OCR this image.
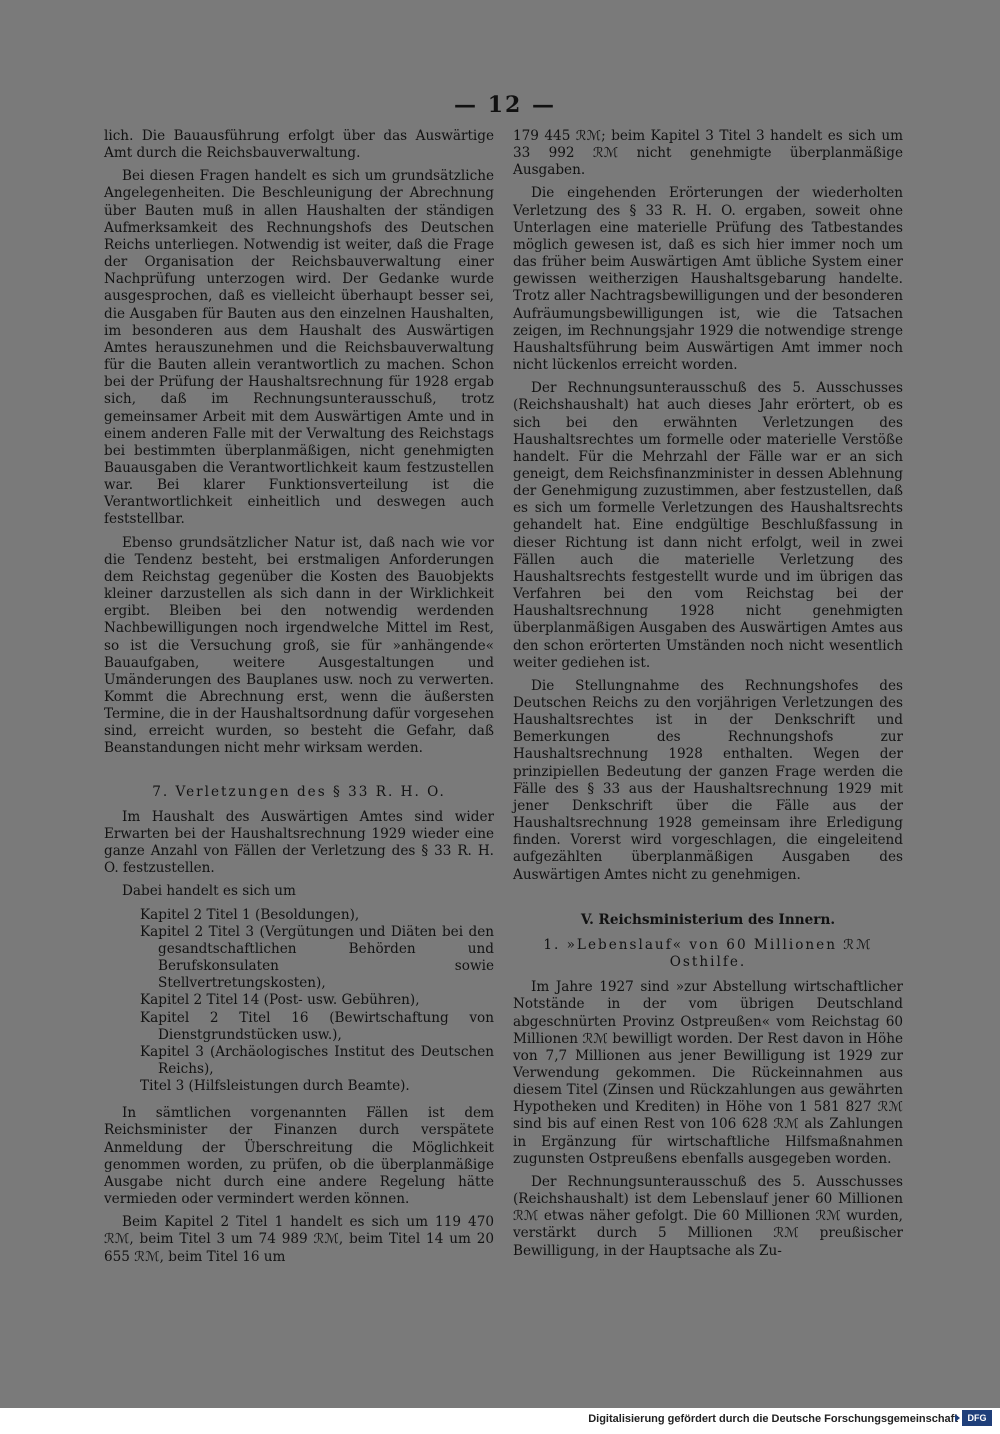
— 12 —

lich. Die Bauausführung erfolgt über das Auswärtige Amt durch die Reichsbauverwaltung.

Bei diesen Fragen handelt es sich um grundsätzliche Angelegenheiten. Die Beschleunigung der Abrechnung über Bauten muß in allen Haushalten der ständigen Aufmerksamkeit des Rechnungshofs des Deutschen Reichs unterliegen. Notwendig ist weiter, daß die Frage der Organisation der Reichsbauverwaltung einer Nachprüfung unterzogen wird. Der Gedanke wurde ausgesprochen, daß es vielleicht überhaupt besser sei, die Ausgaben für Bauten aus den einzelnen Haushalten, im besonderen aus dem Haushalt des Auswärtigen Amtes herauszunehmen und die Reichsbauverwaltung für die Bauten allein verantwortlich zu machen. Schon bei der Prüfung der Haushaltsrechnung für 1928 ergab sich, daß im Rechnungsunterausschuß, trotz gemeinsamer Arbeit mit dem Auswärtigen Amte und in einem anderen Falle mit der Verwaltung des Reichstags bei bestimmten überplanmäßigen, nicht genehmigten Bauausgaben die Verantwortlichkeit kaum festzustellen war. Bei klarer Funktionsverteilung ist die Verantwortlichkeit einheitlich und deswegen auch feststellbar.

Ebenso grundsätzlicher Natur ist, daß nach wie vor die Tendenz besteht, bei erstmaligen Anforderungen dem Reichstag gegenüber die Kosten des Bauobjekts kleiner darzustellen als sich dann in der Wirklichkeit ergibt. Bleiben bei den notwendig werdenden Nachbewilligungen noch irgendwelche Mittel im Rest, so ist die Versuchung groß, sie für »anhängende« Bauaufgaben, weitere Ausgestaltungen und Umänderungen des Bauplanes usw. noch zu verwerten. Kommt die Abrechnung erst, wenn die äußersten Termine, die in der Haushaltsordnung dafür vorgesehen sind, erreicht wurden, so besteht die Gefahr, daß Beanstandungen nicht mehr wirksam werden.

7. Verletzungen des § 33 R. H. O.

Im Haushalt des Auswärtigen Amtes sind wider Erwarten bei der Haushaltsrechnung 1929 wieder eine ganze Anzahl von Fällen der Verletzung des § 33 R. H. O. festzustellen.

Dabei handelt es sich um

Kapitel 2 Titel 1 (Besoldungen),
Kapitel 2 Titel 3 (Vergütungen und Diäten bei den gesandtschaftlichen Behörden und Berufskonsulaten sowie Stellvertretungskosten),
Kapitel 2 Titel 14 (Post- usw. Gebühren),
Kapitel 2 Titel 16 (Bewirtschaftung von Dienstgrundstücken usw.),
Kapitel 3 (Archäologisches Institut des Deutschen Reichs),
Titel 3 (Hilfsleistungen durch Beamte).

In sämtlichen vorgenannten Fällen ist dem Reichsminister der Finanzen durch verspätete Anmeldung der Überschreitung die Möglichkeit genommen worden, zu prüfen, ob die überplanmäßige Ausgabe nicht durch eine andere Regelung hätte vermieden oder vermindert werden können.

Beim Kapitel 2 Titel 1 handelt es sich um 119 470 ℛℳ, beim Titel 3 um 74 989 ℛℳ, beim Titel 14 um 20 655 ℛℳ, beim Titel 16 um

179 445 ℛℳ; beim Kapitel 3 Titel 3 handelt es sich um 33 992 ℛℳ nicht genehmigte überplanmäßige Ausgaben.

Die eingehenden Erörterungen der wiederholten Verletzung des § 33 R. H. O. ergaben, soweit ohne Unterlagen eine materielle Prüfung des Tatbestandes möglich gewesen ist, daß es sich hier immer noch um das früher beim Auswärtigen Amt übliche System einer gewissen weitherzigen Haushaltsgebarung handelte. Trotz aller Nachtragsbewilligungen und der besonderen Aufräumungsbewilligungen ist, wie die Tatsachen zeigen, im Rechnungsjahr 1929 die notwendige strenge Haushaltsführung beim Auswärtigen Amt immer noch nicht lückenlos erreicht worden.

Der Rechnungsunterausschuß des 5. Ausschusses (Reichshaushalt) hat auch dieses Jahr erörtert, ob es sich bei den erwähnten Verletzungen des Haushaltsrechtes um formelle oder materielle Verstöße handelt. Für die Mehrzahl der Fälle war er an sich geneigt, dem Reichsfinanzminister in dessen Ablehnung der Genehmigung zuzustimmen, aber festzustellen, daß es sich um formelle Verletzungen des Haushaltsrechts gehandelt hat. Eine endgültige Beschlußfassung in dieser Richtung ist dann nicht erfolgt, weil in zwei Fällen auch die materielle Verletzung des Haushaltsrechts festgestellt wurde und im übrigen das Verfahren bei den vom Reichstag bei der Haushaltsrechnung 1928 nicht genehmigten überplanmäßigen Ausgaben des Auswärtigen Amtes aus den schon erörterten Umständen noch nicht wesentlich weiter gediehen ist.

Die Stellungnahme des Rechnungshofes des Deutschen Reichs zu den vorjährigen Verletzungen des Haushaltsrechtes ist in der Denkschrift und Bemerkungen des Rechnungshofs zur Haushaltsrechnung 1928 enthalten. Wegen der prinzipiellen Bedeutung der ganzen Frage werden die Fälle des § 33 aus der Haushaltsrechnung 1929 mit jener Denkschrift über die Fälle aus der Haushaltsrechnung 1928 gemeinsam ihre Erledigung finden. Vorerst wird vorgeschlagen, die eingeleitend aufgezählten überplanmäßigen Ausgaben des Auswärtigen Amtes nicht zu genehmigen.

V. Reichsministerium des Innern.
1. »Lebenslauf« von 60 Millionen ℛℳ Osthilfe.

Im Jahre 1927 sind »zur Abstellung wirtschaftlicher Notstände in der vom übrigen Deutschland abgeschnürten Provinz Ostpreußen« vom Reichstag 60 Millionen ℛℳ bewilligt worden. Der Rest davon in Höhe von 7,7 Millionen aus jener Bewilligung ist 1929 zur Verwendung gekommen. Die Rückeinnahmen aus diesem Titel (Zinsen und Rückzahlungen aus gewährten Hypotheken und Krediten) in Höhe von 1 581 827 ℛℳ sind bis auf einen Rest von 106 628 ℛℳ als Zahlungen in Ergänzung für wirtschaftliche Hilfsmaßnahmen zugunsten Ostpreußens ebenfalls ausgegeben worden.

Der Rechnungsunterausschuß des 5. Ausschusses (Reichshaushalt) ist dem Lebenslauf jener 60 Millionen ℛℳ etwas näher gefolgt. Die 60 Millionen ℛℳ wurden, verstärkt durch 5 Millionen ℛℳ preußischer Bewilligung, in der Hauptsache als Zu-

Digitalisierung gefördert durch die Deutsche Forschungsgemeinschaft	DFG
